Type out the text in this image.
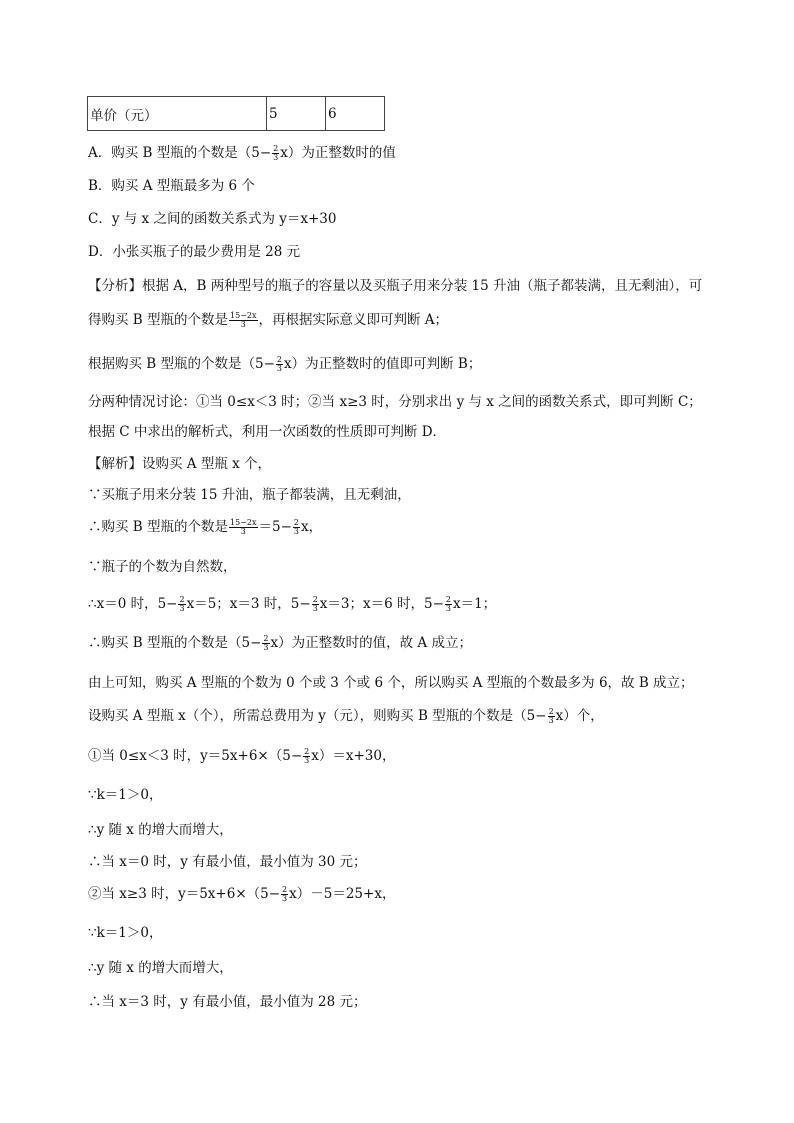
单价（元）	5	6
A．购买 B 型瓶的个数是$(5- \frac{2}{3} x)$为正整数时的值
B．购买 A 型瓶最多为 6 个
C．y 与 x 之间的函数关系式为 y＝x+30
D．小张买瓶子的最少费用是 28 元
【分析】根据 A，B 两种型号的瓶子的容量以及买瓶子用来分装 15 升油（瓶子都装满，且无剩油），可
得购买 B 型瓶的个数是 $\frac{15-2x}{3}$ ，再根据实际意义即可判断 A；
根据购买 B 型瓶的个数是$(5- \frac{2}{3} x)$为正整数时的值即可判断 B；
分两种情况讨论：①当 0≤x＜3 时；②当 x≥3 时，分别求出 y 与 x 之间的函数关系式，即可判断 C；
根据 C 中求出的解析式，利用一次函数的性质即可判断 D．
【解析】设购买 A 型瓶 x 个，
∵买瓶子用来分装 15 升油，瓶子都装满，且无剩油，
∴购买 B 型瓶的个数是 $\frac{15-2x}{3} =5- \frac{2}{3}$ x，
∵瓶子的个数为自然数，
∴x＝0 时，$5- \frac{2}{3} x=5$；x＝3 时，$5- \frac{2}{3} x=3$；x＝6 时，$5- \frac{2}{3} x=1$；
∴购买 B 型瓶的个数是$(5- \frac{2}{3} x)$为正整数时的值，故 A 成立；
由上可知，购买 A 型瓶的个数为 0 个或 3 个或 6 个，所以购买 A 型瓶的个数最多为 6，故 B 成立；
设购买 A 型瓶 x（个），所需总费用为 y（元），则购买 B 型瓶的个数是$(5- \frac{2}{3} x)$个，
①当 0≤x＜3 时，$y=5x+6\times(5- \frac{2}{3} x)=x+30$，
∵k＝1＞0，
∴y 随 x 的增大而增大，
∴当 x＝0 时，y 有最小值，最小值为 30 元；
②当 x≥3 时，$y=5x+6\times(5- \frac{2}{3} x)-5=25+x$，
∵k＝1＞0，
∴y 随 x 的增大而增大，
∴当 x＝3 时，y 有最小值，最小值为 28 元；
